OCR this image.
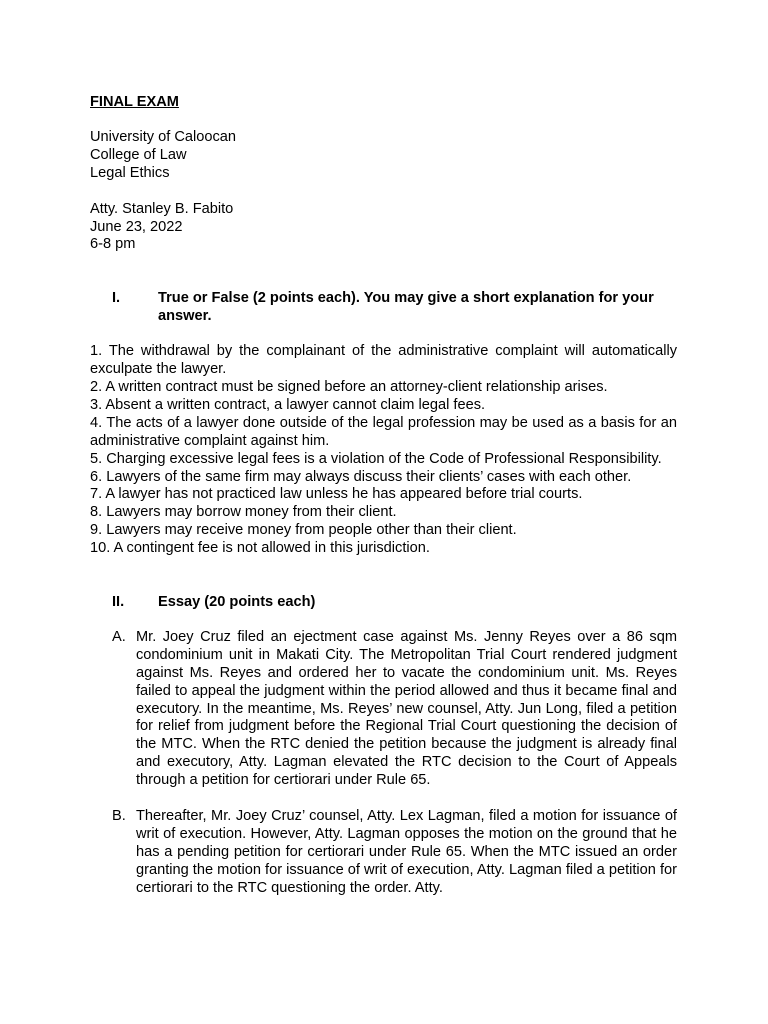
FINAL EXAM
University of Caloocan
College of Law
Legal Ethics
Atty. Stanley B. Fabito
June 23, 2022
6-8 pm
I.	True or False (2 points each). You may give a short explanation for your answer.
1. The withdrawal by the complainant of the administrative complaint will automatically exculpate the lawyer.
2. A written contract must be signed before an attorney-client relationship arises.
3. Absent a written contract, a lawyer cannot claim legal fees.
4. The acts of a lawyer done outside of the legal profession may be used as a basis for an administrative complaint against him.
5. Charging excessive legal fees is a violation of the Code of Professional Responsibility.
6. Lawyers of the same firm may always discuss their clients’ cases with each other.
7. A lawyer has not practiced law unless he has appeared before trial courts.
8. Lawyers may borrow money from their client.
9. Lawyers may receive money from people other than their client.
10. A contingent fee is not allowed in this jurisdiction.
II.	Essay (20 points each)
A. Mr. Joey Cruz filed an ejectment case against Ms. Jenny Reyes over a 86 sqm condominium unit in Makati City. The Metropolitan Trial Court rendered judgment against Ms. Reyes and ordered her to vacate the condominium unit. Ms. Reyes failed to appeal the judgment within the period allowed and thus it became final and executory. In the meantime, Ms. Reyes’ new counsel, Atty. Jun Long, filed a petition for relief from judgment before the Regional Trial Court questioning the decision of the MTC. When the RTC denied the petition because the judgment is already final and executory, Atty. Lagman elevated the RTC decision to the Court of Appeals through a petition for certiorari under Rule 65.
B. Thereafter, Mr. Joey Cruz’ counsel, Atty. Lex Lagman, filed a motion for issuance of writ of execution. However, Atty. Lagman opposes the motion on the ground that he has a pending petition for certiorari under Rule 65. When the MTC issued an order granting the motion for issuance of writ of execution, Atty. Lagman filed a petition for certiorari to the RTC questioning the order. Atty.
